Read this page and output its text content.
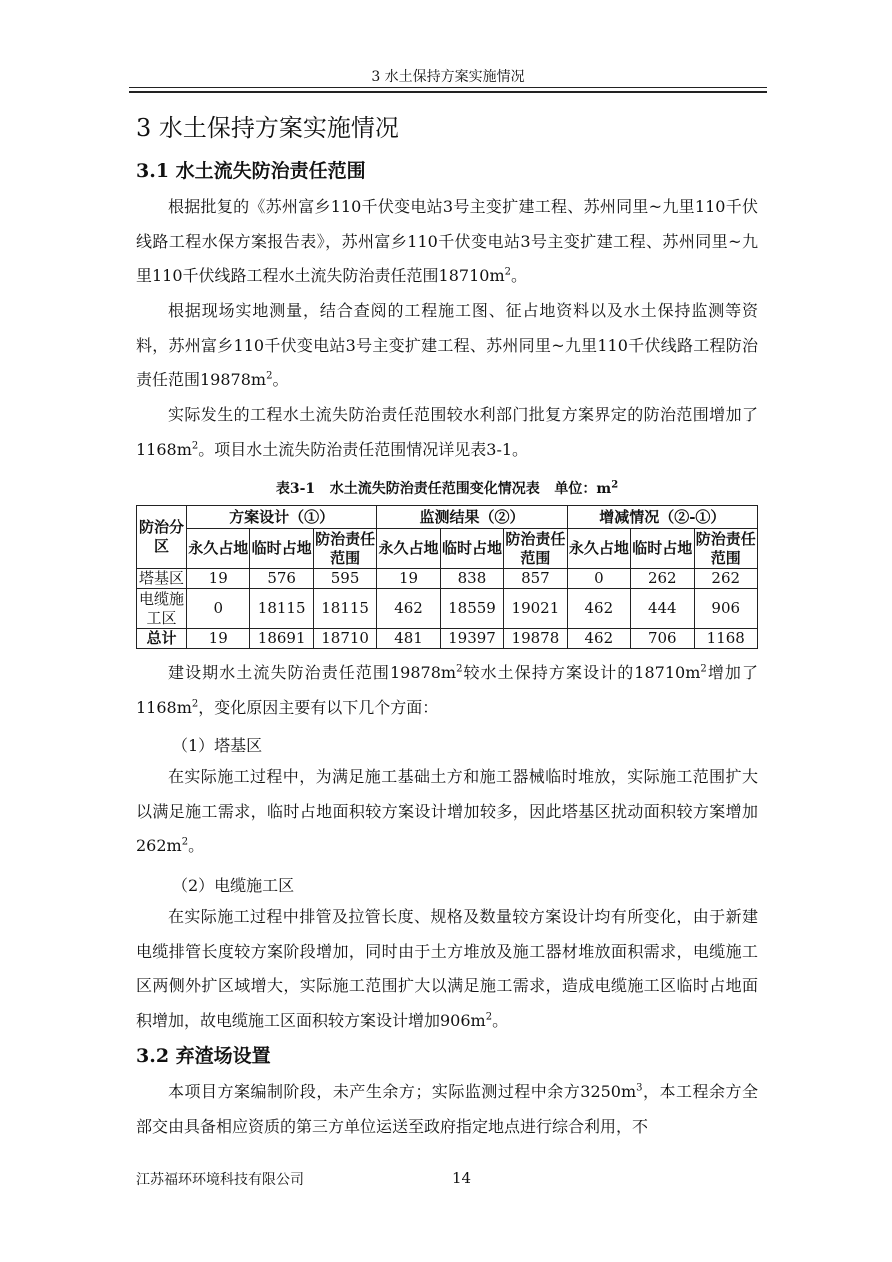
3 水土保持方案实施情况
3 水土保持方案实施情况
3.1 水土流失防治责任范围

根据批复的《苏州富乡110千伏变电站3号主变扩建工程、苏州同里~九里110千伏线路工程水保方案报告表》，苏州富乡110千伏变电站3号主变扩建工程、苏州同里~九里110千伏线路工程水土流失防治责任范围$18710m^2$。

根据现场实地测量，结合查阅的工程施工图、征占地资料以及水土保持监测等资料，苏州富乡110千伏变电站3号主变扩建工程、苏州同里~九里110千伏线路工程防治责任范围$19878m^2$。

实际发生的工程水土流失防治责任范围较水利部门批复方案界定的防治范围增加了$1168m^2$。项目水土流失防治责任范围情况详见表3-1。

表3-1 水土流失防治责任范围变化情况表 单位：$m^2$
防治分区	方案设计（①）			监测结果（②）			增减情况（②-①）		
	永久占地	临时占地	防治责任范围	永久占地	临时占地	防治责任范围	永久占地	临时占地	防治责任范围
塔基区	19	576	595	19	838	857	0	262	262
电缆施工区	0	18115	18115	462	18559	19021	462	444	906
总计	19	18691	18710	481	19397	19878	462	706	1168

建设期水土流失防治责任范围$19878m^2$较水土保持方案设计的$18710m^2$增加了$1168m^2$，变化原因主要有以下几个方面：

（1）塔基区

在实际施工过程中，为满足施工基础土方和施工器械临时堆放，实际施工范围扩大以满足施工需求，临时占地面积较方案设计增加较多，因此塔基区扰动面积较方案增加$262m^2$。

（2）电缆施工区

在实际施工过程中排管及拉管长度、规格及数量较方案设计均有所变化，由于新建电缆排管长度较方案阶段增加，同时由于土方堆放及施工器材堆放面积需求，电缆施工区两侧外扩区域增大，实际施工范围扩大以满足施工需求，造成电缆施工区临时占地面积增加，故电缆施工区面积较方案设计增加$906m^2$。

3.2 弃渣场设置

本项目方案编制阶段，未产生余方；实际监测过程中余方$3250m^3$，本工程余方全部交由具备相应资质的第三方单位运送至政府指定地点进行综合利用，不

江苏福环环境科技有限公司	14
